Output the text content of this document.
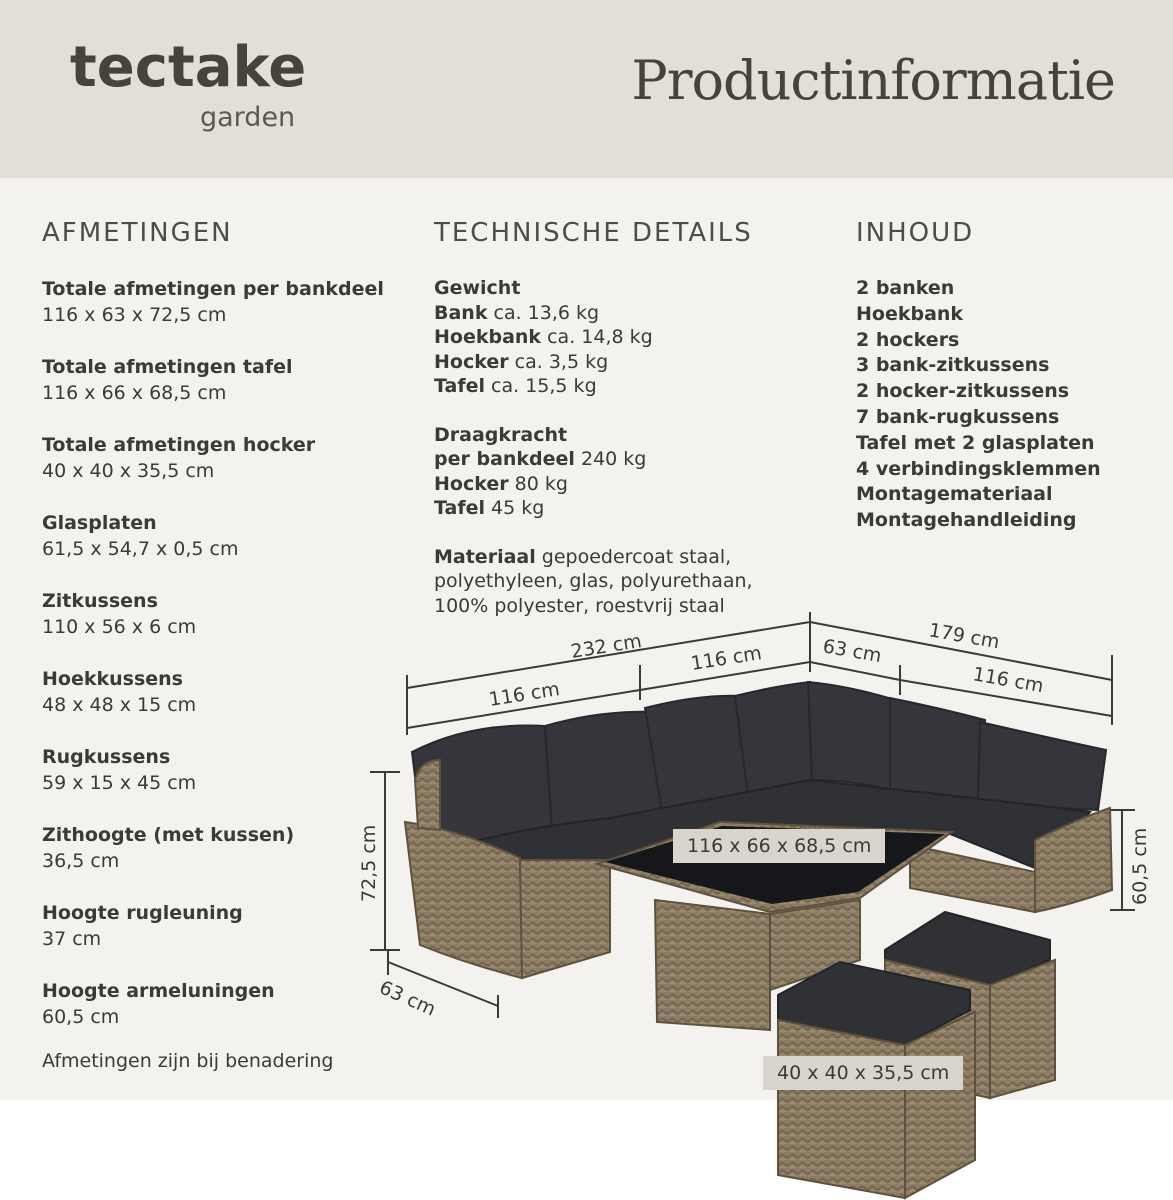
tectake
garden
Productinformatie
AFMETINGEN
Totale afmetingen per bankdeel
116 x 63 x 72,5 cm
Totale afmetingen tafel
116 x 66 x 68,5 cm
Totale afmetingen hocker
40 x 40 x 35,5 cm
Glasplaten
61,5 x 54,7 x 0,5 cm
Zitkussens
110 x 56 x 6 cm
Hoekkussens
48 x 48 x 15 cm
Rugkussens
59 x 15 x 45 cm
Zithoogte (met kussen)
36,5 cm
Hoogte rugleuning
37 cm
Hoogte armeluningen
60,5 cm
TECHNISCHE DETAILS
Gewicht
Bank ca. 13,6 kg
Hoekbank ca. 14,8 kg
Hocker ca. 3,5 kg
Tafel ca. 15,5 kg
Draagkracht
per bankdeel 240 kg
Hocker 80 kg
Tafel 45 kg
Materiaal gepoedercoat staal,
polyethyleen, glas, polyurethaan,
100% polyester, roestvrij staal
INHOUD
2 banken
Hoekbank
2 hockers
3 bank-zitkussens
2 hocker-zitkussens
7 bank-rugkussens
Tafel met 2 glasplaten
4 verbindingsklemmen
Montagemateriaal
Montagehandleiding
Afmetingen zijn bij benadering
232 cm
116 cm
116 cm	63 cm 179 cm
116 cm
72,5 cm	60,5 cm
63 cm
116 x 66 x 68,5 cm
40 x 40 x 35,5 cm
